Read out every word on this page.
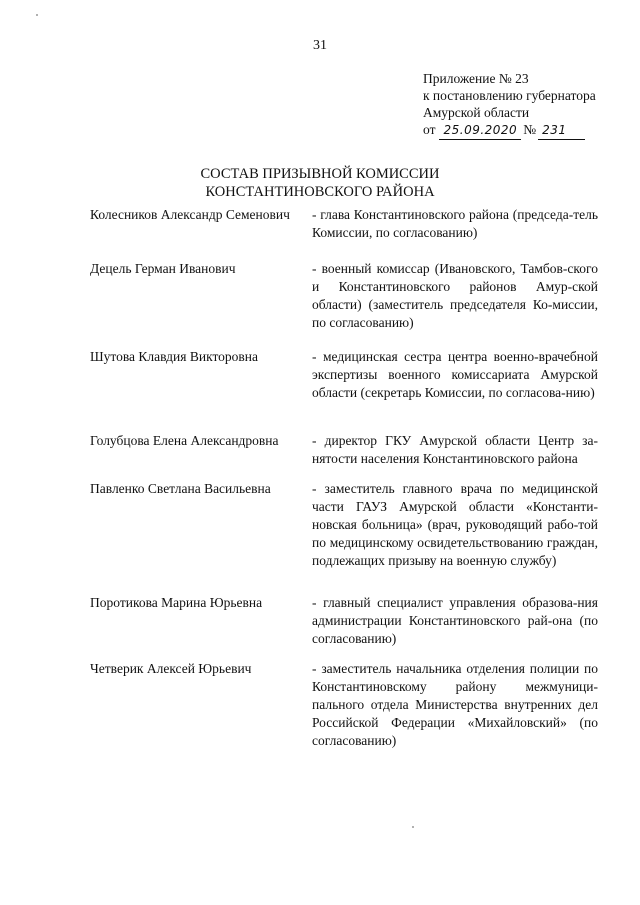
31
Приложение № 23
к постановлению губернатора
Амурской области
от 25.09.2020 № 231
СОСТАВ ПРИЗЫВНОЙ КОМИССИИ
КОНСТАНТИНОВСКОГО РАЙОНА
Колесников Александр Семенович	- глава Константиновского района (председа-тель Комиссии, по согласованию)
Децель Герман Иванович	- военный комиссар (Ивановского, Тамбов-ского и Константиновского районов Амур-ской области) (заместитель председателя Ко-миссии, по согласованию)
Шутова Клавдия Викторовна	- медицинская сестра центра военно-врачебной экспертизы военного комиссариата Амурской области (секретарь Комиссии, по согласова-нию)
Голубцова Елена Александровна	- директор ГКУ Амурской области Центр за-нятости населения Константиновского района
Павленко Светлана Васильевна	- заместитель главного врача по медицинской части ГАУЗ Амурской области «Константи-новская больница» (врач, руководящий рабо-той по медицинскому освидетельствованию граждан, подлежащих призыву на военную службу)
Поротикова Марина Юрьевна	- главный специалист управления образова-ния администрации Константиновского рай-она (по согласованию)
Четверик Алексей Юрьевич	- заместитель начальника отделения полиции по Константиновскому району межмуници-пального отдела Министерства внутренних дел Российской Федерации «Михайловский» (по согласованию)
